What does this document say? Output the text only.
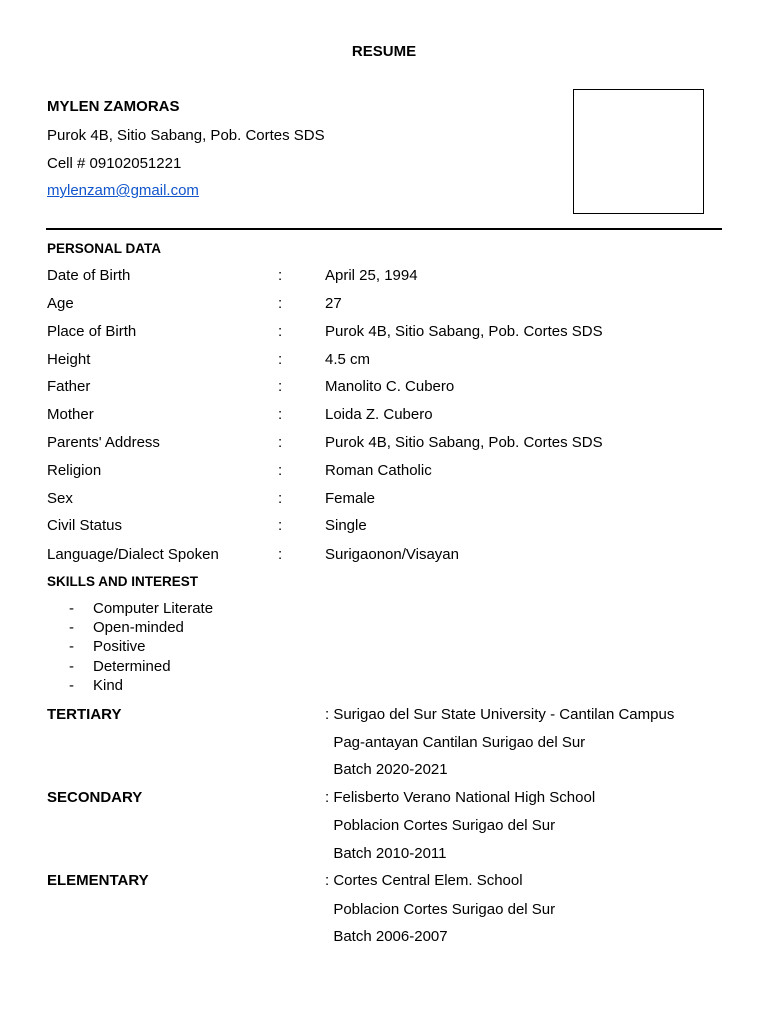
RESUME
MYLEN ZAMORAS
Purok 4B, Sitio Sabang, Pob. Cortes SDS
Cell # 09102051221
mylenzam@gmail.com
PERSONAL DATA
Date of Birth	:	April 25, 1994
Age	:	27
Place of Birth	:	Purok 4B, Sitio Sabang, Pob. Cortes SDS
Height	:	4.5 cm
Father	:	Manolito C. Cubero
Mother	:	Loida Z. Cubero
Parents' Address	:	Purok 4B, Sitio Sabang, Pob. Cortes SDS
Religion	:	Roman Catholic
Sex	:	Female
Civil Status	:	Single
Language/Dialect Spoken	:	Surigaonon/Visayan
SKILLS AND INTEREST
- Computer Literate
- Open-minded
- Positive
- Determined
- Kind
TERTIARY	: Surigao del Sur State University - Cantilan Campus
Pag-antayan Cantilan Surigao del Sur
Batch 2020-2021
SECONDARY	: Felisberto Verano National High School
Poblacion Cortes Surigao del Sur
Batch 2010-2011
ELEMENTARY	: Cortes Central Elem. School
Poblacion Cortes Surigao del Sur
Batch 2006-2007
